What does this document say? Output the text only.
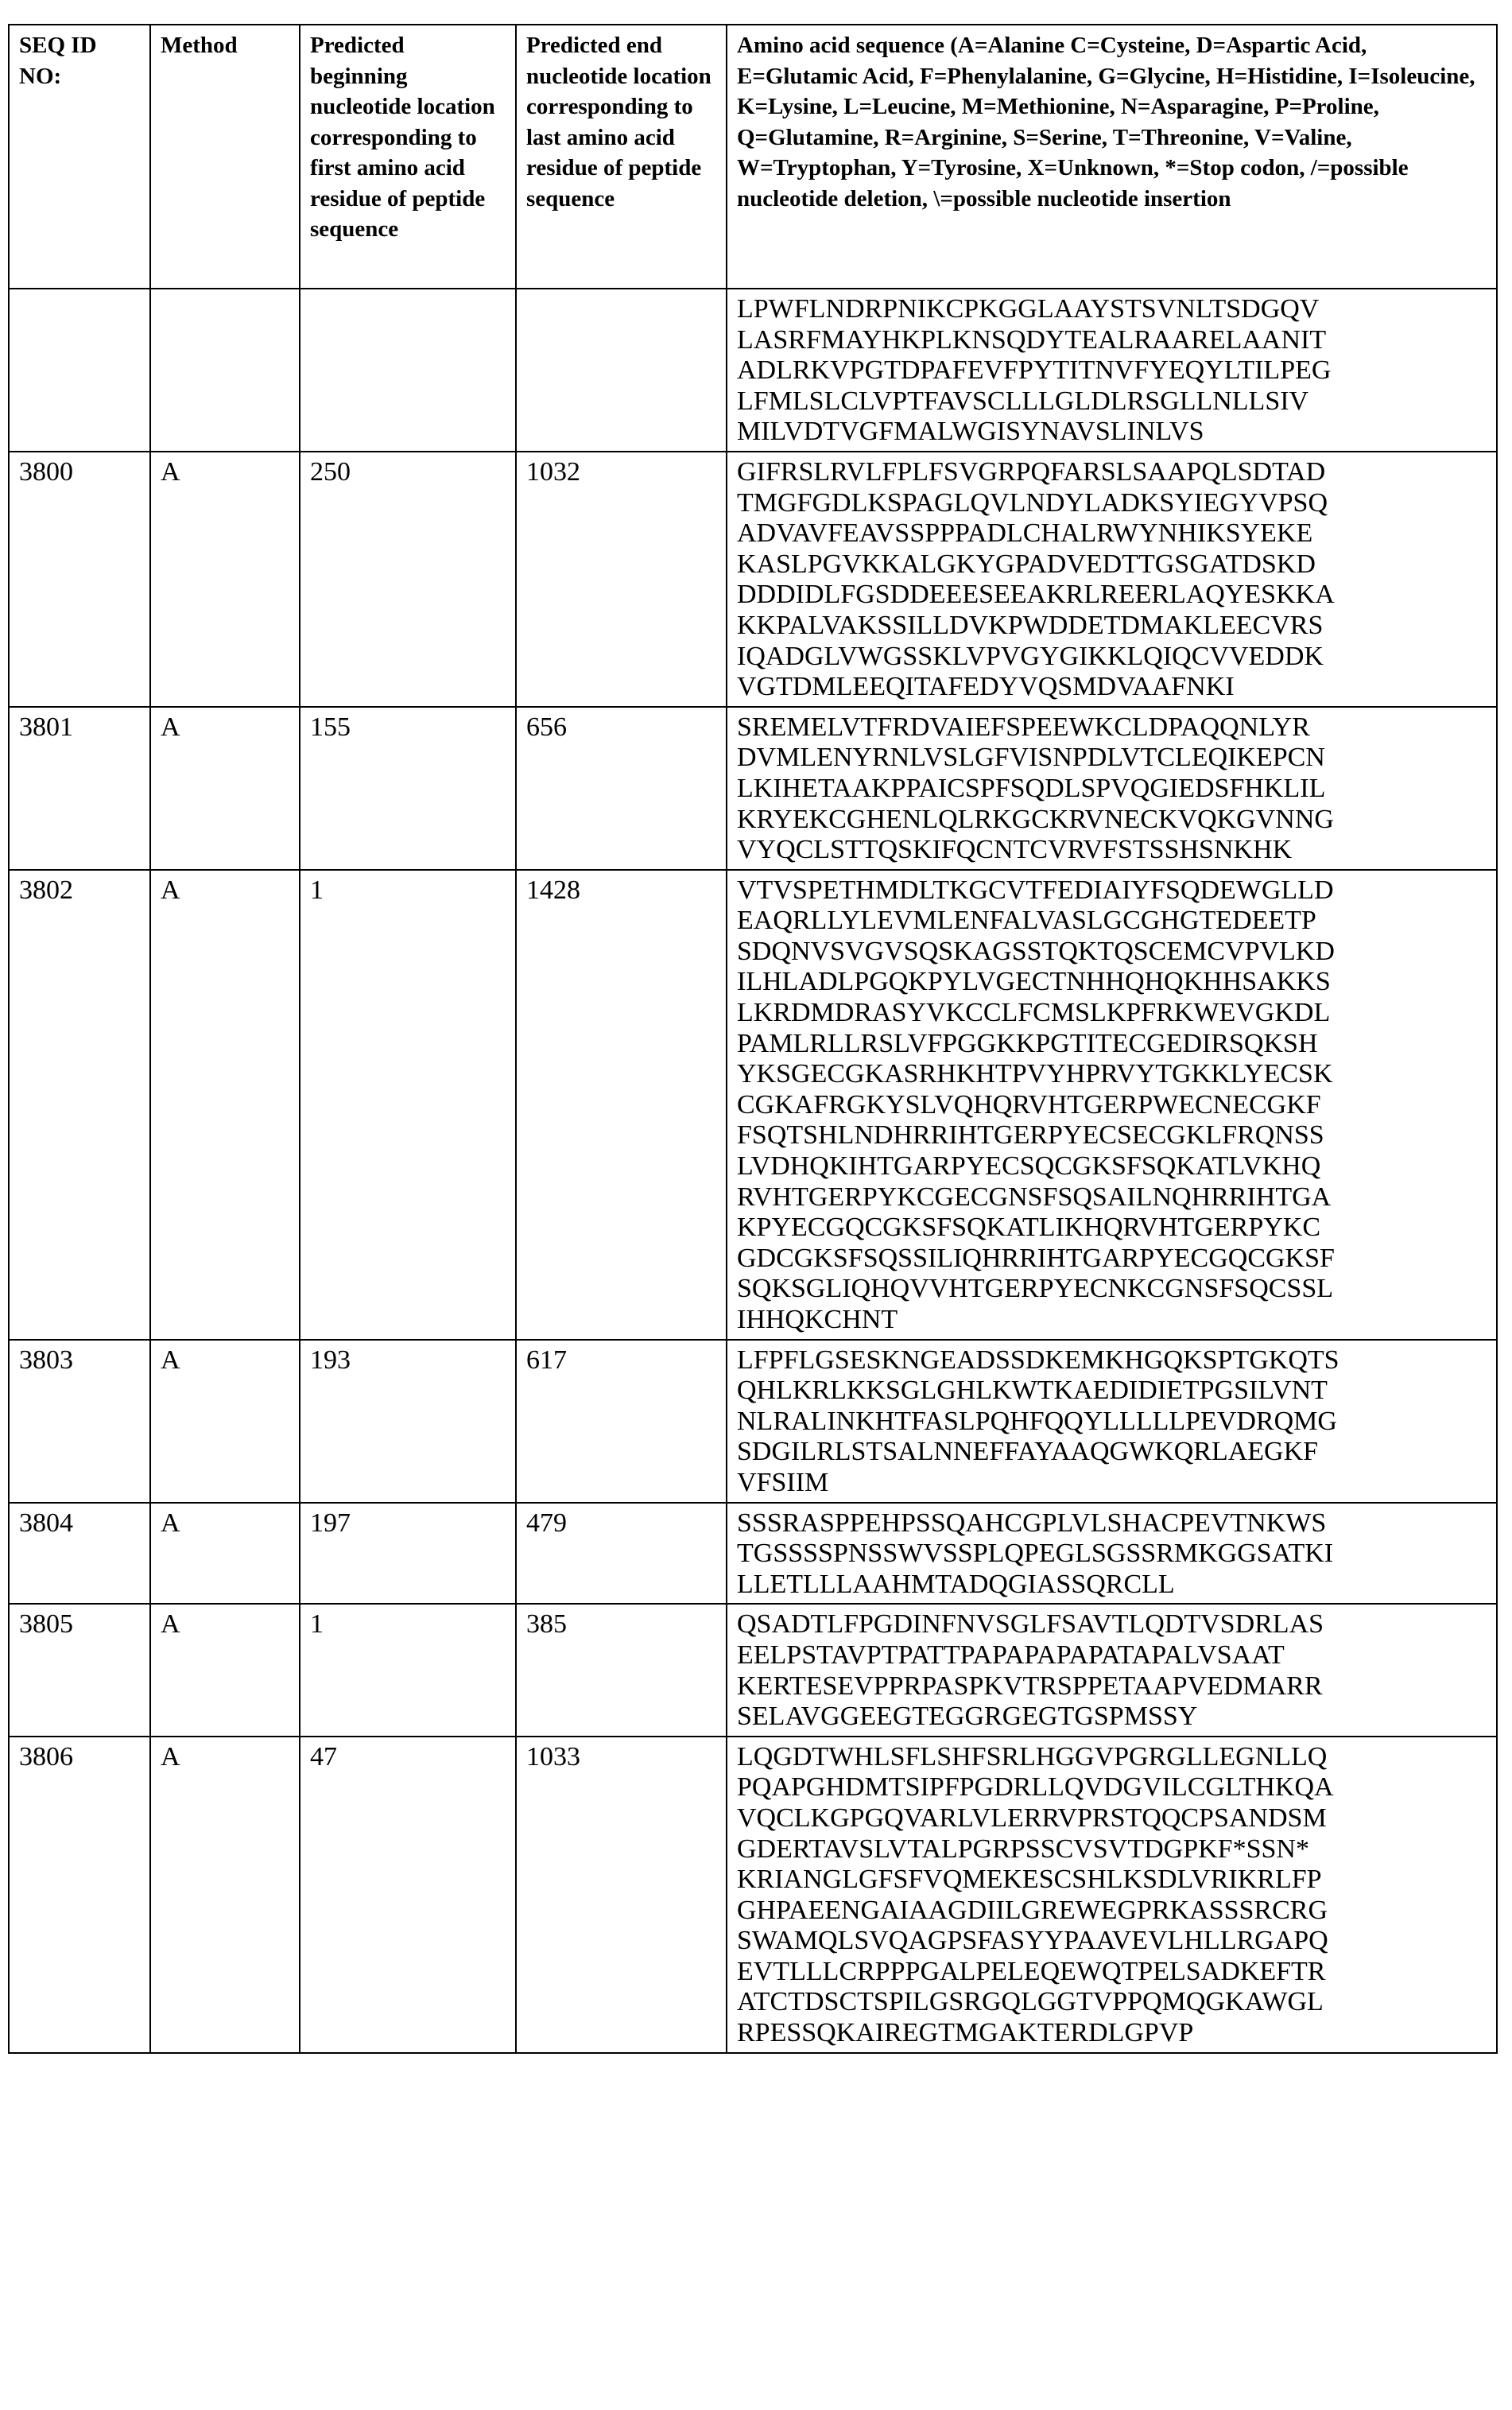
SEQ ID NO:	Method	Predicted beginning nucleotide location corresponding to first amino acid residue of peptide sequence	Predicted end nucleotide location corresponding to last amino acid residue of peptide sequence	Amino acid sequence (A=Alanine C=Cysteine, D=Aspartic Acid, E=Glutamic Acid, F=Phenylalanine, G=Glycine, H=Histidine, I=Isoleucine, K=Lysine, L=Leucine, M=Methionine, N=Asparagine, P=Proline, Q=Glutamine, R=Arginine, S=Serine, T=Threonine, V=Valine, W=Tryptophan, Y=Tyrosine, X=Unknown, *=Stop codon, /=possible nucleotide deletion, \=possible nucleotide insertion

				LPWFLNDRPNIKCPKGGLAAYSTSVNLTSDGQV
LASRFMAYHKPLKNSQDYTEALRAARELAANIT
ADLRKVPGTDPAFEVFPYTITNVFYEQYLTILPEG
LFMLSLCLVPTFAVSCLLLGLDLRSGLLNLLSIV
MILVDTVGFMALWGISYNAVSLINLVS

3800	A	250	1032	GIFRSLRVLFPLFSVGRPQFARSLSAAPQLSDTAD
TMGFGDLKSPAGLQVLNDYLADKSYIEGYVPSQ
ADVAVFEAVSSPPPADLCHALRWYNHIKSYEKE
KASLPGVKKALGKYGPADVEDTTGSGATDSKD
DDDIDLFGSDDEEESEEAKRLREERLAQYESKKA
KKPALVAKSSILLDVKPWDDETDMAKLEECVRS
IQADGLVWGSSKLVPVGYGIKKLQIQCVVEDDK
VGTDMLEEQITAFEDYVQSMDVAAFNKI

3801	A	155	656	SREMELVTFRDVAIEFSPEEWKCLDPAQQNLYR
DVMLENYRNLVSLGFVISNPDLVTCLEQIKEPCN
LKIHETAAKPPAICSPFSQDLSPVQGIEDSFHKLIL
KRYEKCGHENLQLRKGCKRVNECKVQKGVNNG
VYQCLSTTQSKIFQCNTCVRVFSTSSHSNKHK

3802	A	1	1428	VTVSPETHMDLTKGCVTFEDIAIYFSQDEWGLLD
EAQRLLYLEVMLENFALVASLGCGHGTEDEETP
SDQNVSVGVSQSKAGSSTQKTQSCEMCVPVLKD
ILHLADLPGQKPYLVGECTNHHQHQKHHSAKKS
LKRDMDRASYVKCCLFCMSLKPFRKWEVGKDL
PAMLRLLRSLVFPGGKKPGTITECGEDIRSQKSH
YKSGECGKASRHKHTPVYHPRVYTGKKLYECSK
CGKAFRGKYSLVQHQRVHTGERPWECNECGKF
FSQTSHLNDHRRIHTGERPYECSECGKLFRQNSS
LVDHQKIHTGARPYECSQCGKSFSQKATLVKHQ
RVHTGERPYKCGECGNSFSQSAILNQHRRIHTGA
KPYECGQCGKSFSQKATLIKHQRVHTGERPYKC
GDCGKSFSQSSILIQHRRIHTGARPYECGQCGKSF
SQKSGLIQHQVVHTGERPYECNKCGNSFSQCSSL
IHHQKCHNT

3803	A	193	617	LFPFLGSESKNGEADSSDKEMKHGQKSPTGKQTS
QHLKRLKKSGLGHLKWTKAEDIDIETPGSILVNT
NLRALINKHTFASLPQHFQQYLLLLLPEVDRQMG
SDGILRLSTSALNNEFFAYAAQGWKQRLAEGKF
VFSIIM

3804	A	197	479	SSSRASPPEHPSSQAHCGPLVLSHACPEVTNKWS
TGSSSSPNSSWVSSPLQPEGLSGSSRMKGGSATKI
LLETLLLAAHMTADQGIASSQRCLL

3805	A	1	385	QSADTLFPGDINFNVSGLFSAVTLQDTVSDRLAS
EELPSTAVPTPATTPAPAPAPAPATAPALVSAAT
KERTESEVPPRPASPKVTRSPPETAAPVEDMARR
SELAVGGEEGTEGGRGEGTGSPMSSY

3806	A	47	1033	LQGDTWHLSFLSHFSRLHGGVPGRGLLEGNLLQ
PQAPGHDMTSIPFPGDRLLQVDGVILCGLTHKQA
VQCLKGPGQVARLVLERRVPRSTQQCPSANDSM
GDERTAVSLVTALPGRPSSCVSVTDGPKF*SSN*
KRIANGLGFSFVQMEKESCSHLKSDLVRIKRLFP
GHPAEENGAIAAGDIILGREWEGPRKASSSRCRG
SWAMQLSVQAGPSFASYYPAAVEVLHLLRGAPQ
EVTLLLCRPPPGALPELEQEWQTPELSADKEFTR
ATCTDSCTSPILGSRGQLGGTVPPQMQGKAWGL
RPESSQKAIREGTMGAKTERDLGPVP
